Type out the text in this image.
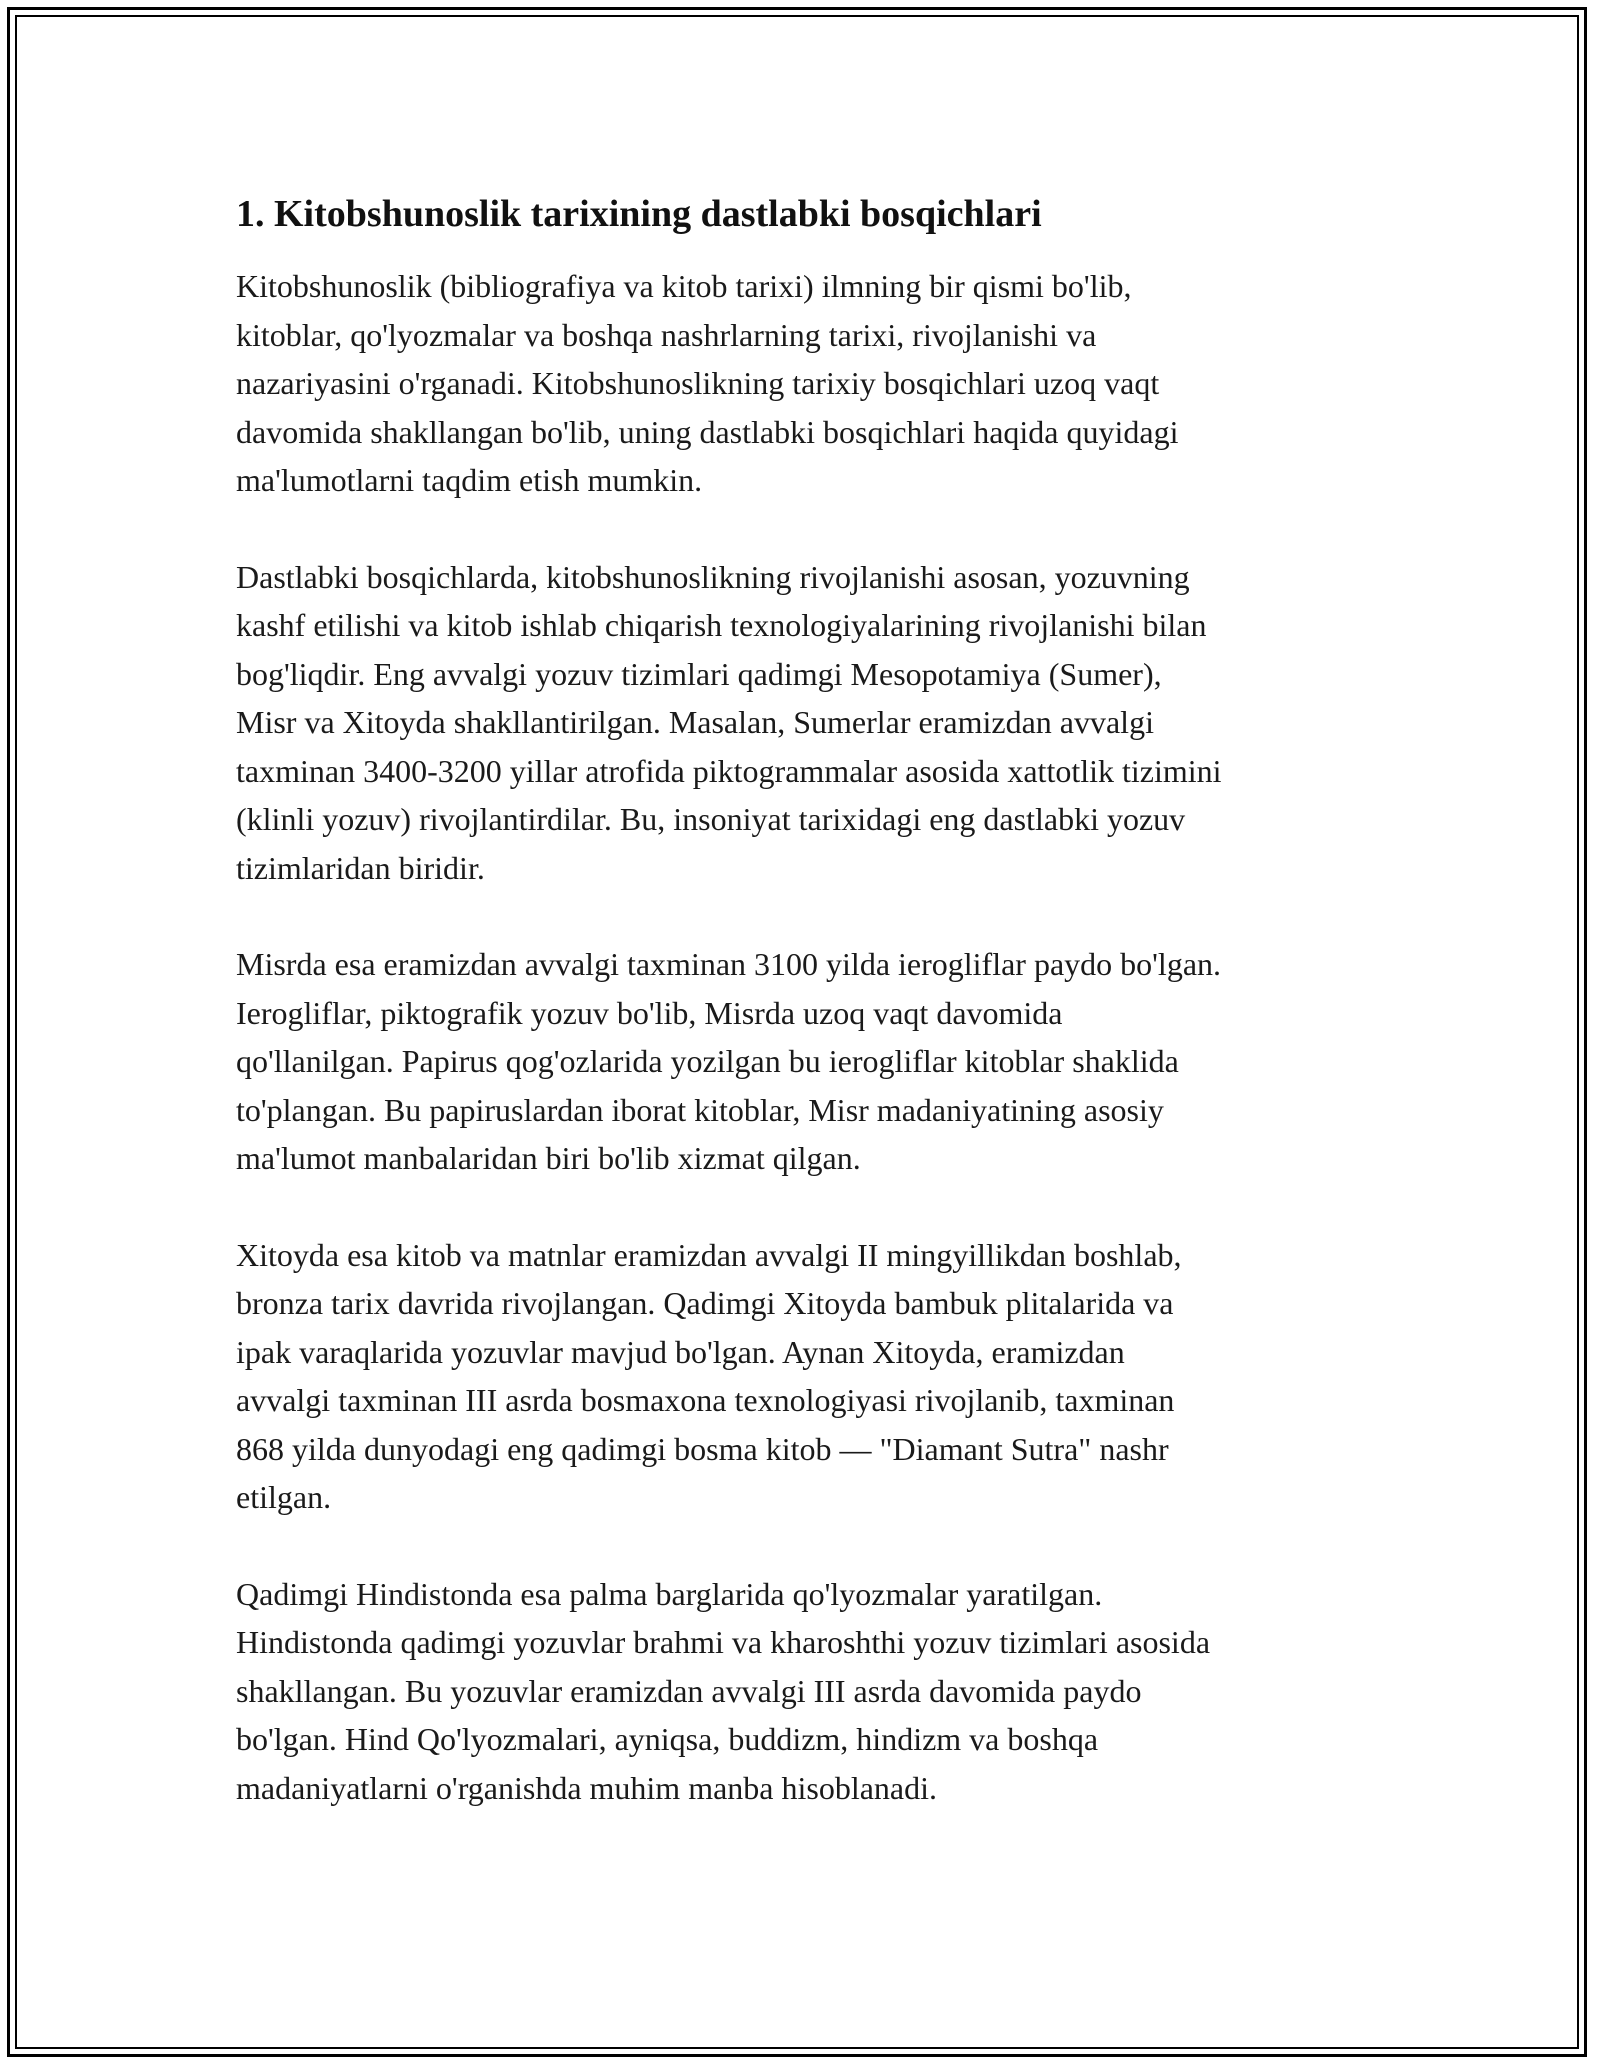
1. Kitobshunoslik tarixining dastlabki bosqichlari

Kitobshunoslik (bibliografiya va kitob tarixi) ilmning bir qismi bo'lib,
kitoblar, qo'lyozmalar va boshqa nashrlarning tarixi, rivojlanishi va
nazariyasini o'rganadi. Kitobshunoslikning tarixiy bosqichlari uzoq vaqt
davomida shakllangan bo'lib, uning dastlabki bosqichlari haqida quyidagi
ma'lumotlarni taqdim etish mumkin.

Dastlabki bosqichlarda, kitobshunoslikning rivojlanishi asosan, yozuvning
kashf etilishi va kitob ishlab chiqarish texnologiyalarining rivojlanishi bilan
bog'liqdir. Eng avvalgi yozuv tizimlari qadimgi Mesopotamiya (Sumer),
Misr va Xitoyda shakllantirilgan. Masalan, Sumerlar eramizdan avvalgi
taxminan 3400-3200 yillar atrofida piktogrammalar asosida xattotlik tizimini
(klinli yozuv) rivojlantirdilar. Bu, insoniyat tarixidagi eng dastlabki yozuv
tizimlaridan biridir.

Misrda esa eramizdan avvalgi taxminan 3100 yilda ierogliflar paydo bo'lgan.
Ierogliflar, piktografik yozuv bo'lib, Misrda uzoq vaqt davomida
qo'llanilgan. Papirus qog'ozlarida yozilgan bu ierogliflar kitoblar shaklida
to'plangan. Bu papiruslardan iborat kitoblar, Misr madaniyatining asosiy
ma'lumot manbalaridan biri bo'lib xizmat qilgan.

Xitoyda esa kitob va matnlar eramizdan avvalgi II mingyillikdan boshlab,
bronza tarix davrida rivojlangan. Qadimgi Xitoyda bambuk plitalarida va
ipak varaqlarida yozuvlar mavjud bo'lgan. Aynan Xitoyda, eramizdan
avvalgi taxminan III asrda bosmaxona texnologiyasi rivojlanib, taxminan
868 yilda dunyodagi eng qadimgi bosma kitob — "Diamant Sutra" nashr
etilgan.

Qadimgi Hindistonda esa palma barglarida qo'lyozmalar yaratilgan.
Hindistonda qadimgi yozuvlar brahmi va kharoshthi yozuv tizimlari asosida
shakllangan. Bu yozuvlar eramizdan avvalgi III asrda davomida paydo
bo'lgan. Hind Qo'lyozmalari, ayniqsa, buddizm, hindizm va boshqa
madaniyatlarni o'rganishda muhim manba hisoblanadi.
